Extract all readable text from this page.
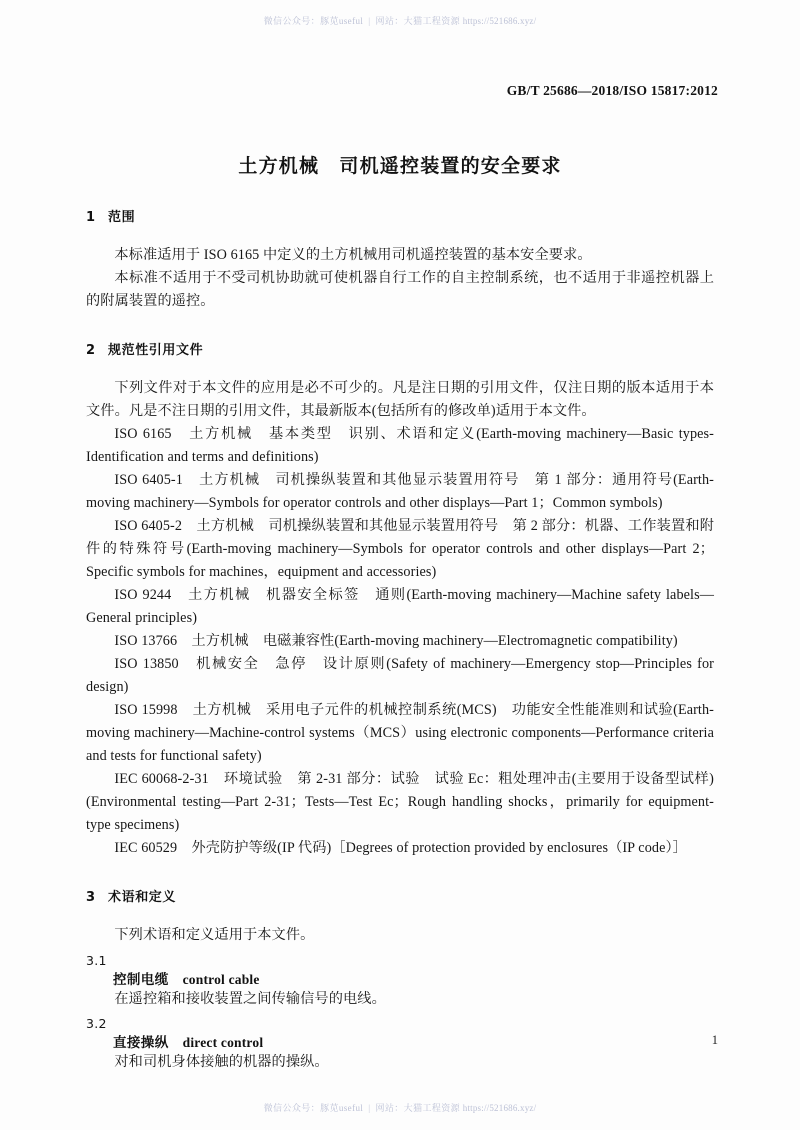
微信公众号：豚苋useful | 网站：大猫工程资源 https://521686.xyz/
GB/T 25686—2018/ISO 15817:2012
土方机械　司机遥控装置的安全要求

1 范围

本标准适用于 ISO 6165 中定义的土方机械用司机遥控装置的基本安全要求。

本标准不适用于不受司机协助就可使机器自行工作的自主控制系统，也不适用于非遥控机器上的附属装置的遥控。

2 规范性引用文件

下列文件对于本文件的应用是必不可少的。凡是注日期的引用文件，仅注日期的版本适用于本文件。凡是不注日期的引用文件，其最新版本(包括所有的修改单)适用于本文件。

ISO 6165　土方机械　基本类型　识别、术语和定义(Earth-moving machinery—Basic types-Identification and terms and definitions)

ISO 6405-1　土方机械　司机操纵装置和其他显示装置用符号　第 1 部分：通用符号(Earth-moving machinery—Symbols for operator controls and other displays—Part 1；Common symbols)

ISO 6405-2　土方机械　司机操纵装置和其他显示装置用符号　第 2 部分：机器、工作装置和附件的特殊符号(Earth-moving machinery—Symbols for operator controls and other displays—Part 2；Specific symbols for machines，equipment and accessories)

ISO 9244　土方机械　机器安全标签　通则(Earth-moving machinery—Machine safety labels—General principles)

ISO 13766　土方机械　电磁兼容性(Earth-moving machinery—Electromagnetic compatibility)

ISO 13850　机械安全　急停　设计原则(Safety of machinery—Emergency stop—Principles for design)

ISO 15998　土方机械　采用电子元件的机械控制系统(MCS)　功能安全性能准则和试验(Earth-moving machinery—Machine-control systems（MCS）using electronic components—Performance criteria and tests for functional safety)

IEC 60068-2-31　环境试验　第 2-31 部分：试验　试验 Ec：粗处理冲击(主要用于设备型试样)(Environmental testing—Part 2-31；Tests—Test Ec；Rough handling shocks，primarily for equipment-type specimens)

IEC 60529　外壳防护等级(IP 代码)［Degrees of protection provided by enclosures（IP code）］

3 术语和定义

下列术语和定义适用于本文件。

3.1

控制电缆 control cable

在遥控箱和接收装置之间传输信号的电线。

3.2

直接操纵 direct control

对和司机身体接触的机器的操纵。

1
微信公众号：豚苋useful | 网站：大猫工程资源 https://521686.xyz/
